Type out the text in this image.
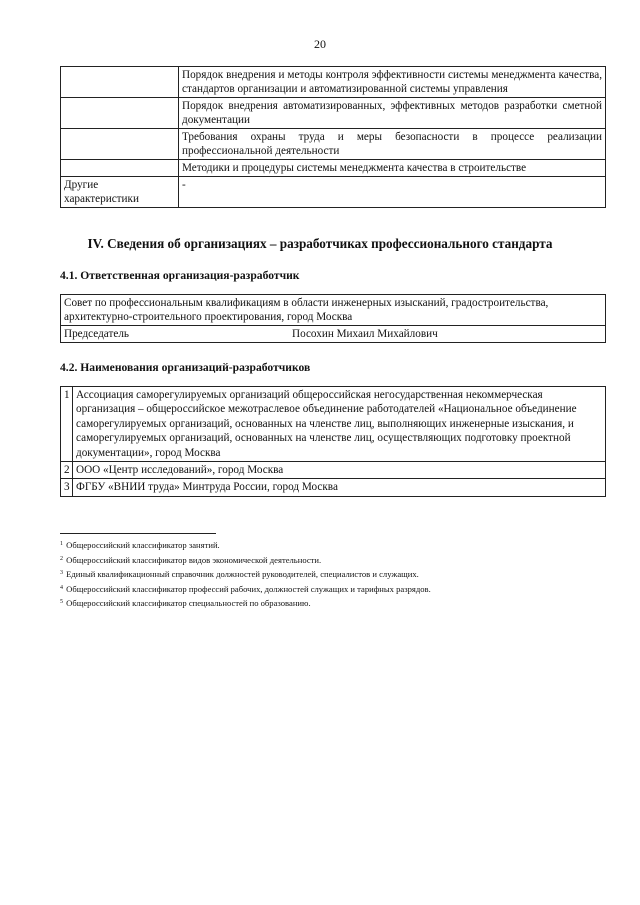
20
	Порядок внедрения и методы контроля эффективности системы менеджмента качества, стандартов организации и автоматизированной системы управления
	Порядок внедрения автоматизированных, эффективных методов разработки сметной документации
	Требования охраны труда и меры безопасности в процессе реализации профессиональной деятельности
	Методики и процедуры системы менеджмента качества в строительстве
Другие характеристики	-
IV. Сведения об организациях – разработчиках профессионального стандарта
4.1. Ответственная организация-разработчик
Совет по профессиональным квалификациям в области инженерных изысканий, градостроительства, архитектурно-строительного проектирования, город Москва

Председатель	Посохин Михаил Михайлович
4.2. Наименования организаций-разработчиков
1	Ассоциация саморегулируемых организаций общероссийская негосударственная некоммерческая организация – общероссийское межотраслевое объединение работодателей «Национальное объединение саморегулируемых организаций, основанных на членстве лиц, выполняющих инженерные изыскания, и саморегулируемых организаций, основанных на членстве лиц, осуществляющих подготовку проектной документации», город Москва
2	ООО «Центр исследований», город Москва
3	ФГБУ «ВНИИ труда» Минтруда России, город Москва
$^1$ Общероссийский классификатор занятий.
$^2$ Общероссийский классификатор видов экономической деятельности.
$^3$ Единый квалификационный справочник должностей руководителей, специалистов и служащих.
$^4$ Общероссийский классификатор профессий рабочих, должностей служащих и тарифных разрядов.
$^5$ Общероссийский классификатор специальностей по образованию.
